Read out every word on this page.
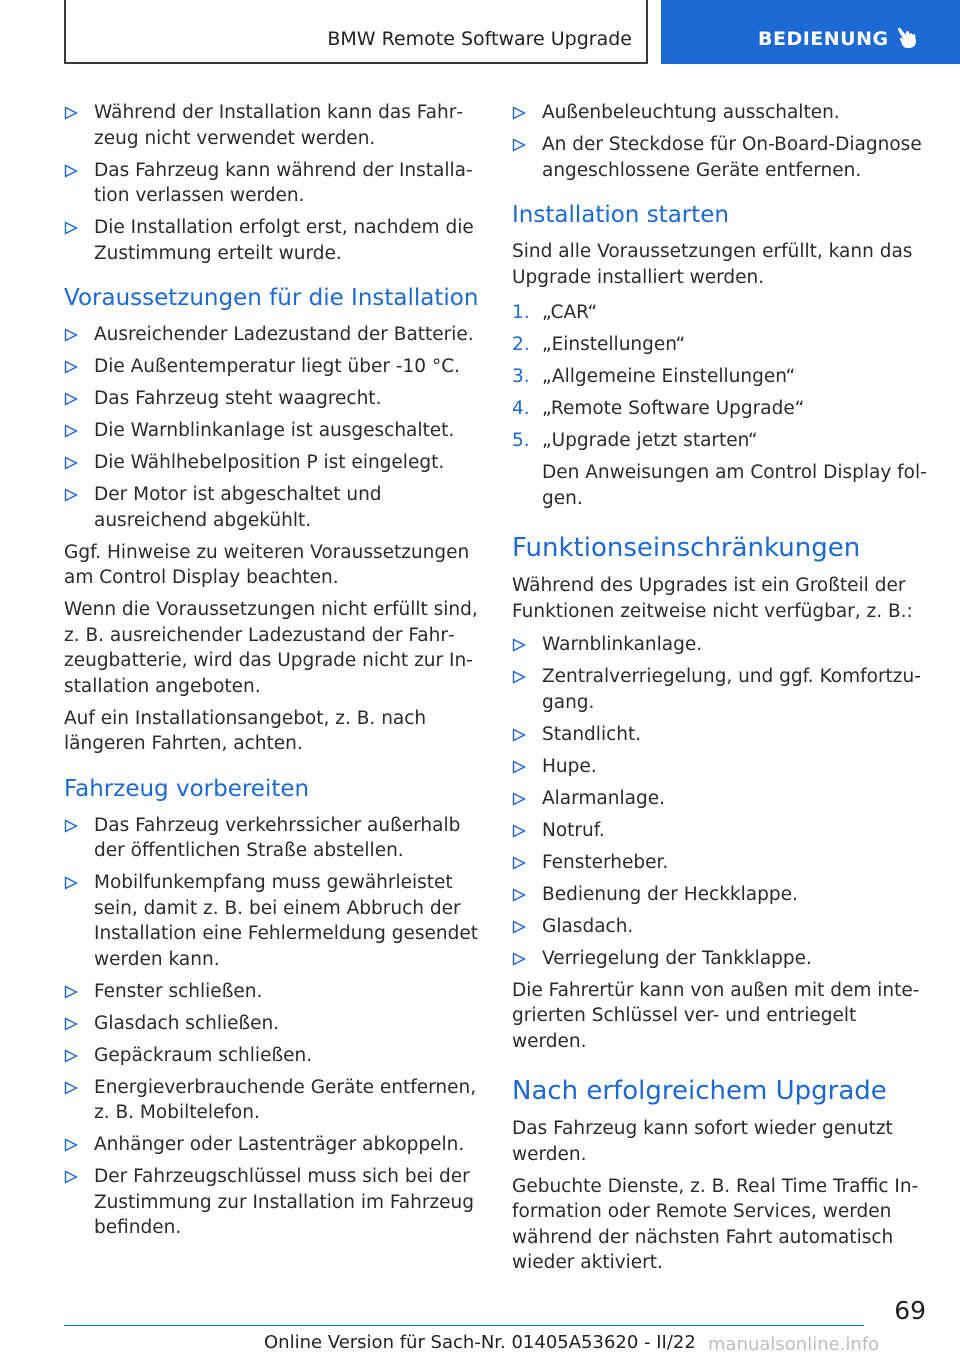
BMW Remote Software Upgrade	BEDIENUNG
Während der Installation kann das Fahrzeug nicht verwendet werden.
Das Fahrzeug kann während der Installation verlassen werden.
Die Installation erfolgt erst, nachdem die Zustimmung erteilt wurde.
Voraussetzungen für die Installation
Ausreichender Ladezustand der Batterie.
Die Außentemperatur liegt über -10 °C.
Das Fahrzeug steht waagrecht.
Die Warnblinkanlage ist ausgeschaltet.
Die Wählhebelposition P ist eingelegt.
Der Motor ist abgeschaltet und ausreichend abgekühlt.

Ggf. Hinweise zu weiteren Voraussetzungen am Control Display beachten.

Wenn die Voraussetzungen nicht erfüllt sind, z. B. ausreichender Ladezustand der Fahrzeugbatterie, wird das Upgrade nicht zur Installation angeboten.

Auf ein Installationsangebot, z. B. nach längeren Fahrten, achten.

Fahrzeug vorbereiten
Das Fahrzeug verkehrssicher außerhalb der öffentlichen Straße abstellen.
Mobilfunkempfang muss gewährleistet sein, damit z. B. bei einem Abbruch der Installation eine Fehlermeldung gesendet werden kann.
Fenster schließen.
Glasdach schließen.
Gepäckraum schließen.
Energieverbrauchende Geräte entfernen, z. B. Mobiltelefon.
Anhänger oder Lastenträger abkoppeln.
Der Fahrzeugschlüssel muss sich bei der Zustimmung zur Installation im Fahrzeug befinden.
Außenbeleuchtung ausschalten.
An der Steckdose für On-Board-Diagnose angeschlossene Geräte entfernen.
Installation starten

Sind alle Voraussetzungen erfüllt, kann das Upgrade installiert werden.

1. „CAR“
2. „Einstellungen“
3. „Allgemeine Einstellungen“
4. „Remote Software Upgrade“
5. „Upgrade jetzt starten“
Den Anweisungen am Control Display folgen.
Funktionseinschränkungen

Während des Upgrades ist ein Großteil der Funktionen zeitweise nicht verfügbar, z. B.:

Warnblinkanlage.
Zentralverriegelung, und ggf. Komfortzugang.
Standlicht.
Hupe.
Alarmanlage.
Notruf.
Fensterheber.
Bedienung der Heckklappe.
Glasdach.
Verriegelung der Tankklappe.

Die Fahrertür kann von außen mit dem integrierten Schlüssel ver- und entriegelt werden.

Nach erfolgreichem Upgrade

Das Fahrzeug kann sofort wieder genutzt werden.

Gebuchte Dienste, z. B. Real Time Traffic Information oder Remote Services, werden während der nächsten Fahrt automatisch wieder aktiviert.

69
Online Version für Sach-Nr. 01405A53620 - II/22 manualsonline.info
